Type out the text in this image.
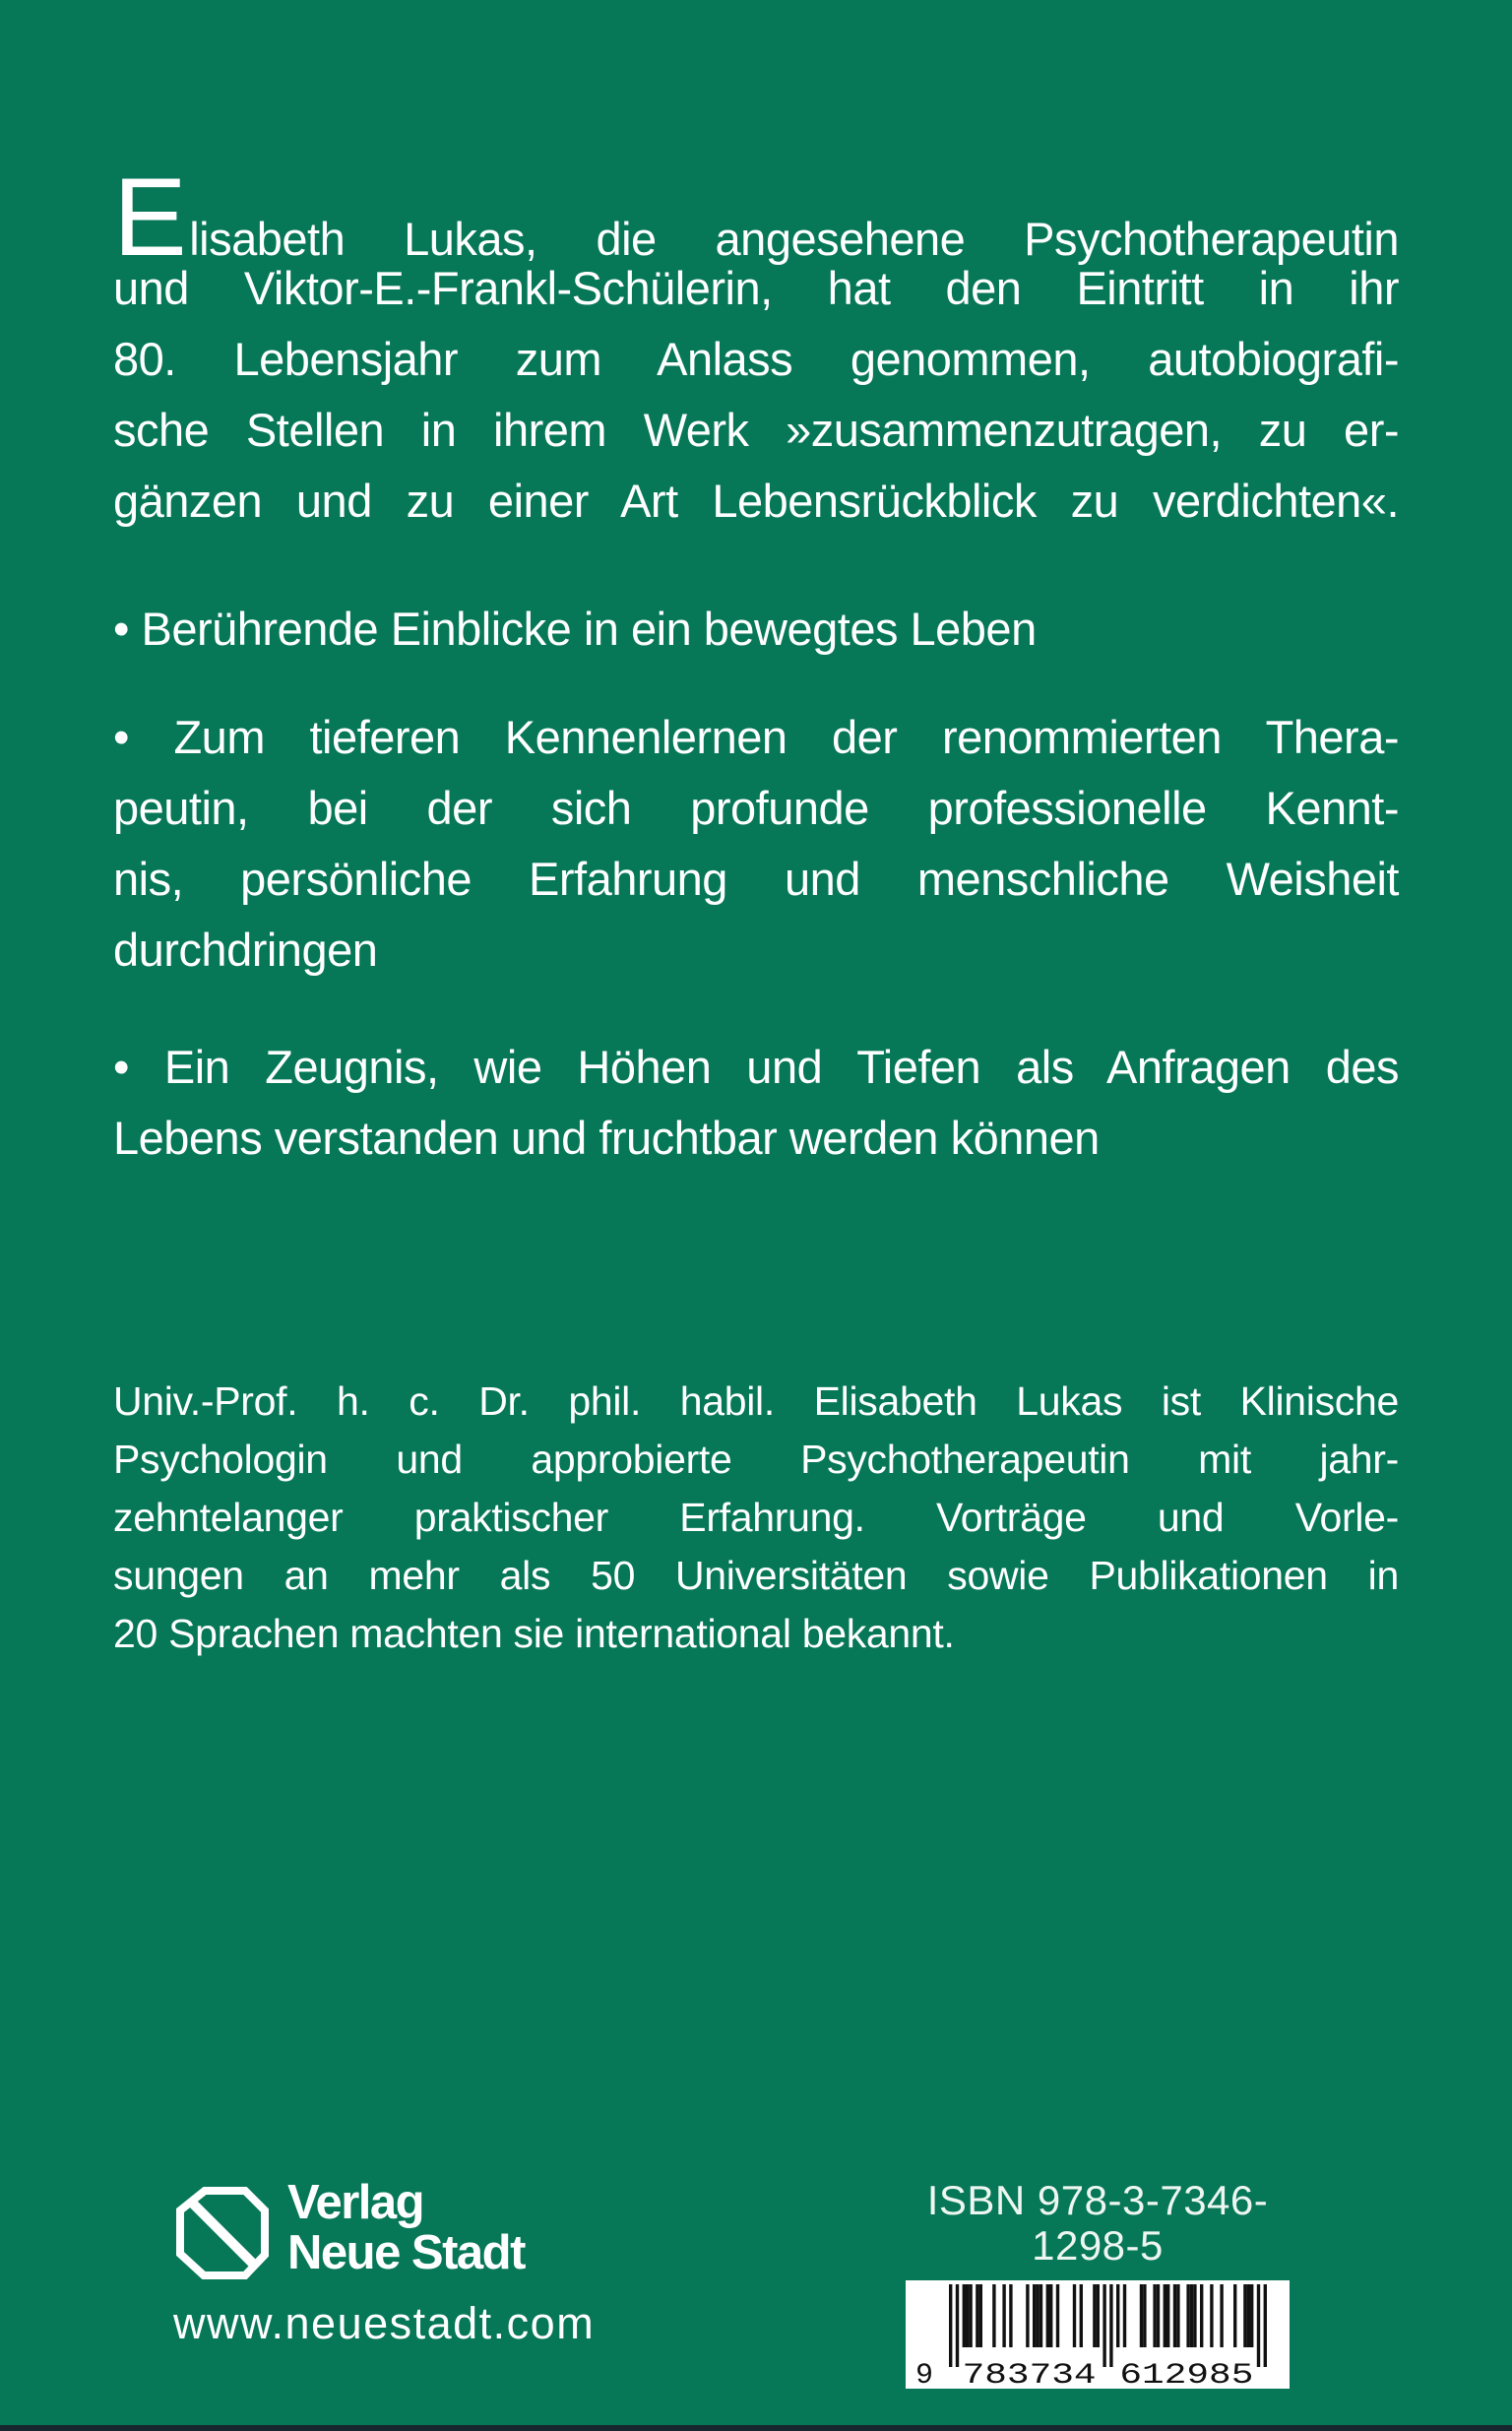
Elisabeth Lukas, die angesehene Psychotherapeutin
und Viktor-E.-Frankl-Schülerin, hat den Eintritt in ihr
80. Lebensjahr zum Anlass genommen, autobiografi-
sche Stellen in ihrem Werk »zusammenzutragen, zu er-
gänzen und zu einer Art Lebensrückblick zu verdichten«.
• Berührende Einblicke in ein bewegtes Leben
• Zum tieferen Kennenlernen der renommierten Thera-
peutin, bei der sich profunde professionelle Kennt-
nis, persönliche Erfahrung und menschliche Weisheit
durchdringen
• Ein Zeugnis, wie Höhen und Tiefen als Anfragen des
Lebens verstanden und fruchtbar werden können
Univ.-Prof. h. c. Dr. phil. habil. Elisabeth Lukas ist Klinische
Psychologin und approbierte Psychotherapeutin mit jahr-
zehntelanger praktischer Erfahrung. Vorträge und Vorle-
sungen an mehr als 50 Universitäten sowie Publikationen in
20 Sprachen machten sie international bekannt.
Verlag
Neue Stadt
www.neuestadt.com
ISBN 978-3-7346-1298-5
9 783734 612985
